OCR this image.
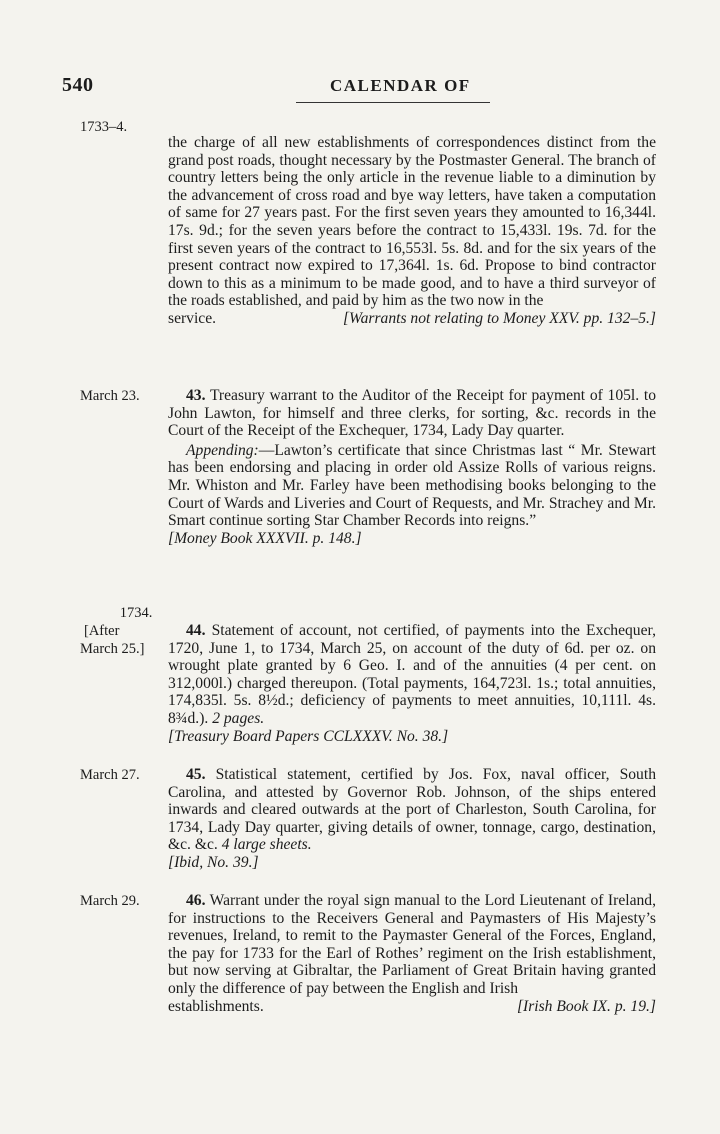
540	CALENDAR OF
1733–4.

the charge of all new establishments of correspondences distinct from the grand post roads, thought necessary by the Postmaster General. The branch of country letters being the only article in the revenue liable to a diminution by the advancement of cross road and bye way letters, have taken a computation of same for 27 years past. For the first seven years they amounted to 16,344l. 17s. 9d.; for the seven years before the contract to 15,433l. 19s. 7d. for the first seven years of the contract to 16,553l. 5s. 8d. and for the six years of the present contract now expired to 17,364l. 1s. 6d. Propose to bind contractor down to this as a minimum to be made good, and to have a third surveyor of the roads established, and paid by him as the two now in the

service.	[Warrants not relating to Money XXV. pp. 132–5.]
March 23.	43. Treasury warrant to the Auditor of the Receipt for payment of 105l. to John Lawton, for himself and three clerks, for sorting, &c. records in the Court of the Receipt of the Exchequer, 1734, Lady Day quarter.

Appending:—Lawton’s certificate that since Christmas last “ Mr. Stewart has been endorsing and placing in order old Assize Rolls of various reigns. Mr. Whiston and Mr. Farley have been methodising books belonging to the Court of Wards and Liveries and Court of Requests, and Mr. Strachey and Mr. Smart continue sorting Star Chamber Records into reigns.”

[Money Book XXXVII. p. 148.]
1734.
[After
March 25.]

44. Statement of account, not certified, of payments into the Exchequer, 1720, June 1, to 1734, March 25, on account of the duty of 6d. per oz. on wrought plate granted by 6 Geo. I. and of the annuities (4 per cent. on 312,000l.) charged thereupon. (Total payments, 164,723l. 1s.; total annuities, 174,835l. 5s. 8½d.; deficiency of payments to meet annuities, 10,111l. 4s. 8¾d.). 2 pages.

[Treasury Board Papers CCLXXXV. No. 38.]
March 27.	45. Statistical statement, certified by Jos. Fox, naval officer, South Carolina, and attested by Governor Rob. Johnson, of the ships entered inwards and cleared outwards at the port of Charleston, South Carolina, for 1734, Lady Day quarter, giving details of owner, tonnage, cargo, destination, &c. &c. 4 large sheets.

[Ibid, No. 39.]
March 29.	46. Warrant under the royal sign manual to the Lord Lieutenant of Ireland, for instructions to the Receivers General and Paymasters of His Majesty’s revenues, Ireland, to remit to the Paymaster General of the Forces, England, the pay for 1733 for the Earl of Rothes’ regiment on the Irish establishment, but now serving at Gibraltar, the Parliament of Great Britain having granted only the difference of pay between the English and Irish

establishments.	[Irish Book IX. p. 19.]
